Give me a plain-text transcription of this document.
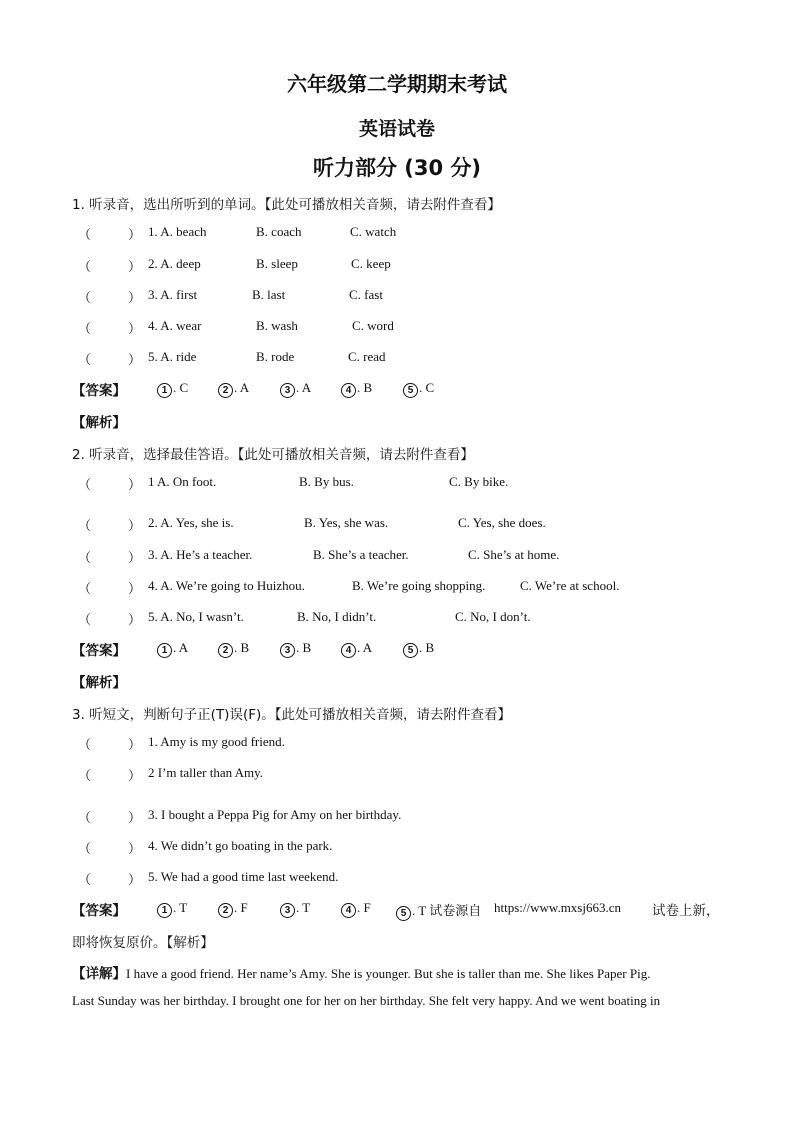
六年级第二学期期末考试
英语试卷
听力部分 (30 分)
1. 听录音，选出所听到的单词。【此处可播放相关音频，请去附件查看】
（	） 1. A. beach	B. coach	C. watch
（	） 2. A. deep	B. sleep	C. keep
（	） 3. A. first	B. last	C. fast
（	） 4. A. wear	B. wash	C. word
（	） 5. A. ride	B. rode	C. read
【答案】	1 . C	2 . A	3 . A	4 . B	5 . C
【解析】
2. 听录音，选择最佳答语。【此处可播放相关音频，请去附件查看】
（	） 1 A. On foot.	B. By bus.	C. By bike.
（	） 2. A. Yes, she is.	B. Yes, she was.	C. Yes, she does.
（	） 3. A. He’s a teacher.	B. She’s a teacher.	C. She’s at home.
（	） 4. A. We’re going to Huizhou.	B. We’re going shopping.	C. We’re at school.
（	） 5. A. No, I wasn’t.	B. No, I didn’t.	C. No, I don’t.
【答案】	1 . A	2 . B	3 . B	4 . A	5 . B
【解析】
3. 听短文，判断句子正(T)误(F)。【此处可播放相关音频，请去附件查看】
（	） 1. Amy is my good friend.
（	） 2 I’m taller than Amy.
（	） 3. I bought a Peppa Pig for Amy on her birthday.
（	） 4. We didn’t go boating in the park.
（	） 5. We had a good time last weekend.
【答案】	1 . T	2 . F	3 . T	4 . F	5 . T 试卷源自 https://www.mxsj663.cn 试卷上新，
即将恢复原价。【解析】
【详解】I have a good friend. Her name’s Amy. She is younger. But she is taller than me. She likes Paper Pig.
Last Sunday was her birthday. I brought one for her on her birthday. She felt very happy. And we went boating in
